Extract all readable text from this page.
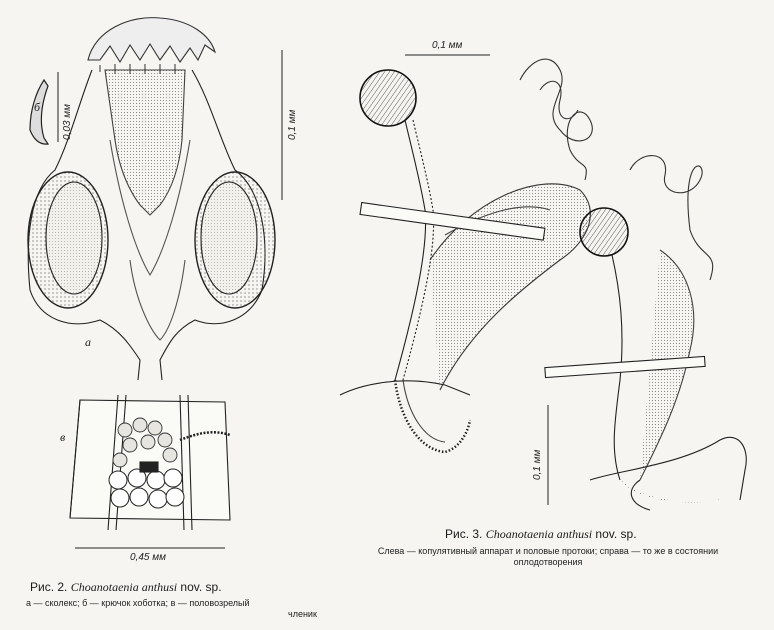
а
б
в
0,03 мм	0,1 мм
0,45 мм
0,1 мм
0,1 мм
Рис. 2. Choanotaenia anthusi nov. sp.
а — сколекс; б — крючок хоботка; в — половозрелый
членик
Рис. 3. Choanotaenia anthusi nov. sp.
Слева — копулятивный аппарат и половые протоки; справа — то же в состоянии
оплодотворения
